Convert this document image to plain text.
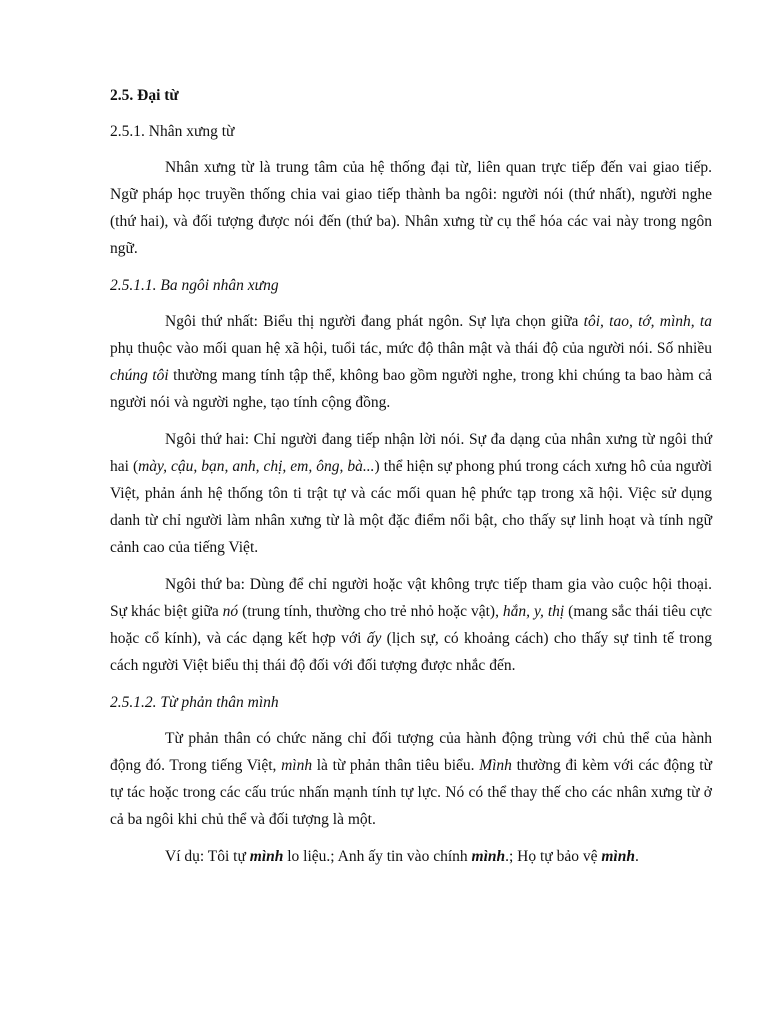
2.5. Đại từ
2.5.1. Nhân xưng từ

Nhân xưng từ là trung tâm của hệ thống đại từ, liên quan trực tiếp đến vai giao tiếp. Ngữ pháp học truyền thống chia vai giao tiếp thành ba ngôi: người nói (thứ nhất), người nghe (thứ hai), và đối tượng được nói đến (thứ ba). Nhân xưng từ cụ thể hóa các vai này trong ngôn ngữ.

2.5.1.1. Ba ngôi nhân xưng

Ngôi thứ nhất: Biểu thị người đang phát ngôn. Sự lựa chọn giữa tôi, tao, tớ, mình, ta phụ thuộc vào mối quan hệ xã hội, tuổi tác, mức độ thân mật và thái độ của người nói. Số nhiều chúng tôi thường mang tính tập thể, không bao gồm người nghe, trong khi chúng ta bao hàm cả người nói và người nghe, tạo tính cộng đồng.

Ngôi thứ hai: Chỉ người đang tiếp nhận lời nói. Sự đa dạng của nhân xưng từ ngôi thứ hai (mày, cậu, bạn, anh, chị, em, ông, bà...) thể hiện sự phong phú trong cách xưng hô của người Việt, phản ánh hệ thống tôn ti trật tự và các mối quan hệ phức tạp trong xã hội. Việc sử dụng danh từ chỉ người làm nhân xưng từ là một đặc điểm nổi bật, cho thấy sự linh hoạt và tính ngữ cảnh cao của tiếng Việt.

Ngôi thứ ba: Dùng để chỉ người hoặc vật không trực tiếp tham gia vào cuộc hội thoại. Sự khác biệt giữa nó (trung tính, thường cho trẻ nhỏ hoặc vật), hắn, y, thị (mang sắc thái tiêu cực hoặc cổ kính), và các dạng kết hợp với ấy (lịch sự, có khoảng cách) cho thấy sự tinh tế trong cách người Việt biểu thị thái độ đối với đối tượng được nhắc đến.

2.5.1.2. Từ phản thân mình

Từ phản thân có chức năng chỉ đối tượng của hành động trùng với chủ thể của hành động đó. Trong tiếng Việt, mình là từ phản thân tiêu biểu. Mình thường đi kèm với các động từ tự tác hoặc trong các cấu trúc nhấn mạnh tính tự lực. Nó có thể thay thế cho các nhân xưng từ ở cả ba ngôi khi chủ thể và đối tượng là một.

Ví dụ: Tôi tự mình lo liệu.; Anh ấy tin vào chính mình.; Họ tự bảo vệ mình.
